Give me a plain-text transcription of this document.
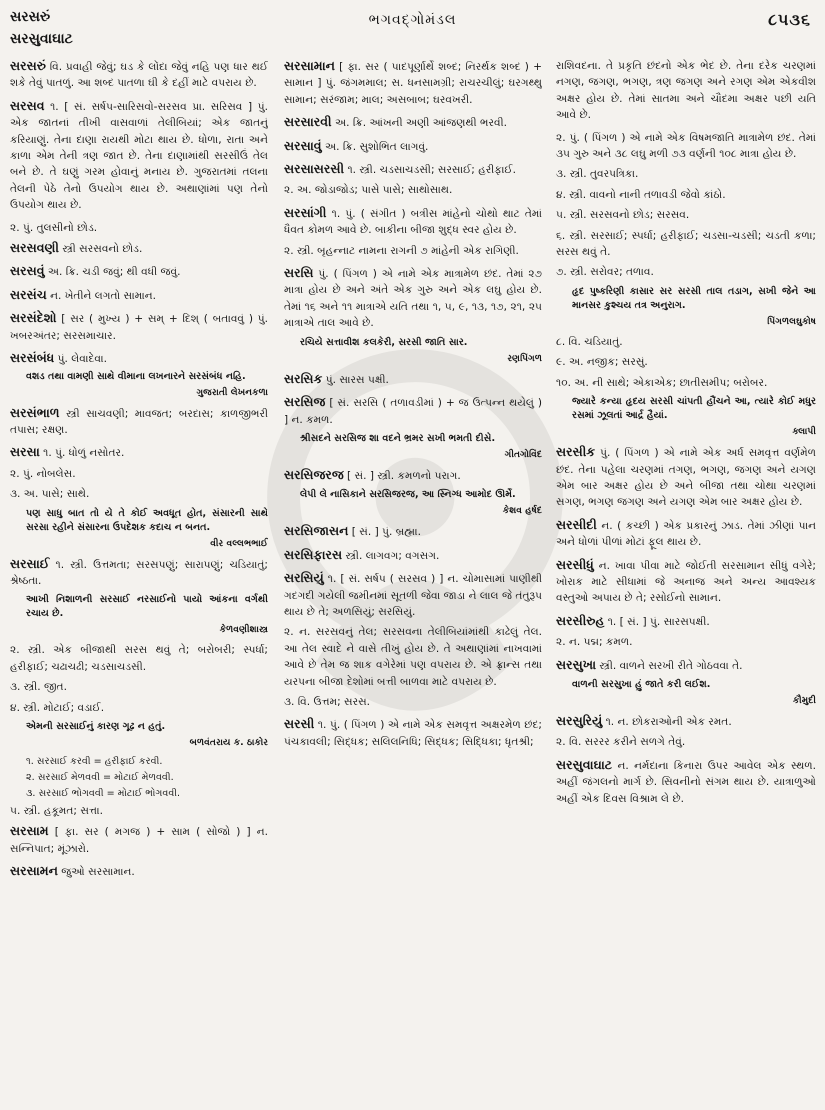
સરસરું
સરસુવાઘાટ
ભગવદ્ગોમંડલ	૮૫૩૬

સરસરું વિ. પ્રવાહી જેવું; ઘડ કે લોંદા જેવું નહિ પણ ધાર થઈ શકે તેવું પાતળું. આ શબ્દ પાતળા ઘી કે દહીં માટે વપરાય છે.

સરસવ ૧. [ સં. સર્ષપ-સારિસવો-સરસવ પ્રા. સરિસવ ] પું. એક જાતનાં તીખી વાસવાળાં તેલીબિયાં; એક જાતનું કરિયાણું. તેના દાણા રાયથી મોટા થાય છે. ધોળા, રાતા અને કાળા એમ તેની ત્રણ જાત છે. તેના દાણામાંથી સરસીઉં તેલ બને છે. તે ઘણું ગરમ હોવાનું મનાય છે. ગુજરાતમાં તલના તેલની પેઠે તેનો ઉપયોગ થાય છે. અથાણાંમાં પણ તેનો ઉપયોગ થાય છે.

૨. પું. તુલસીનો છોડ.

સરસવણી સ્ત્રી સરસવનો છોડ.

સરસવું અ. ક્રિ. ચડી જવું; થી વધી જવું.

સરસંચ ન. ખેતીને લગતો સામાન.

સરસંદેશો [ સર ( મુખ્ય ) + સમ્ + દિશ્ ( બતાવવું ) પું. ખબરઅંતર; સરસમાચાર.

સરસંબંધ પું. લેવાદેવા.

વશડ તથા વામણી સાથે વીમાના લખનારને સરસંબંધ નહિ.

ગુજરાતી લેખનકળા

સરસંભાળ સ્ત્રી સાચવણી; માવજત; બરદાસ; કાળજીભરી તપાસ; રક્ષણ.

સરસા ૧. પું. ધોળું નસોતર.

૨. પું. નોબલેસ.

૩. અ. પાસે; સાથે.

પણ સાધુ બાત તો યે તે કોઈ અવધૂત હોત, સંસારની સાથે સરસા રહીને સંસારના ઉપદેશક કદાચ ન બનત.

વીર વલ્લભભાઈ

સરસાઈ ૧. સ્ત્રી. ઉત્તમતા; સરસપણું; સારાપણું; ચડિયાતું; શ્રેષ્ઠતા.

આખી નિશાળની સરસાઈ નરસાઈનો પાયો આંકના વર્ગથી રચાય છે.

કેળવણીશાસ્ત્ર

૨. સ્ત્રી. એક બીજાથી સરસ થવું તે; બરોબરી; સ્પર્ધા; હરીફાઈ; ચઢાચઢી; ચડસાચડસી.

૩. સ્ત્રી. જીત.

૪. સ્ત્રી. મોટાઈ; વડાઈ.

એમની સરસાઈનું કારણ ગૂઢ ન હતું.

બળવંતરાય ક. ઠાકોર

૧. સરસાઈ કરવી = હરીફાઈ કરવી.

૨. સરસાઈ મેળવવી = મોટાઈ મેળવવી.

૩. સરસાઈ ભોગવવી = મોટાઈ ભોગવવી.

૫. સ્ત્રી. હકૂમત; સત્તા.

સરસામ [ ફા. સર ( મગજ ) + સામ ( સોજો ) ] ન. સન્નિપાત; મૂંઝારો.

સરસામન જુઓ સરસામાન.

સરસામાન [ ફા. સર ( પાદપૂર્ણાર્થે શબ્દ; નિરર્થક શબ્દ ) + સામાન ] પું. જંગમમાલ; સ. ધનસામગ્રી; રાચરચીલું; ઘરગથ્થુ સામાન; સરંજામ; માલ; અસબાબ; ઘરવખરી.

સરસારવી અ. ક્રિ. આંખની અણી આંજણથી ભરવી.

સરસાવું અ. ક્રિ. સુશોભિત લાગવું.

સરસાસરસી ૧. સ્ત્રી. ચડસાચડસી; સરસાઈ; હરીફાઈ.

૨. અ. જોડાજોડ; પાસે પાસે; સાથોસાથ.

સરસાંગી ૧. પું. ( સંગીત ) બત્રીસ માંહેનો ચોથો થાટ તેમાં ધૈવત કોમળ આવે છે. બાકીના બીજા શુદ્ધ સ્વર હોય છે.

૨. સ્ત્રી. બૃહન્નાટ નામના રાગની ૭ માંહેની એક રાગિણી.

સરસિ પું. ( પિંગળ ) એ નામે એક માત્રામેળ છંદ. તેમાં ૨૭ માત્રા હોય છે અને અંતે એક ગુરુ અને એક લઘુ હોય છે. તેમાં ૧૬ અને ૧૧ માત્રાએ યતિ તથા ૧, ૫, ૯, ૧૩, ૧૭, ૨૧, ૨૫ માત્રાએ તાલ આવે છે.

રચિયે સત્તાવીશ કલકેરી, સરસી જાતિ સાર.

રણપિંગળ

સરસિક પું. સારસ પક્ષી.

સરસિજ [ સં. સરસિ ( તળાવડીમાં ) + જ ઉત્પન્ન થયેલું ) ] ન. કમળ.

શ્રીસદને સરસિજ શા વદને ભ્રમર સખી ભમતી દીસે.

ગીતગોવિંદ

સરસિજરજ [ સં. ] સ્ત્રી. કમળનો પરાગ.

લેપી લે નાસિકાને સરસિજરજ, આ સ્નિગ્ધ આમોદ ઊર્મે.

કેશવ હર્ષદ

સરસિજાસન [ સં. ] પું. બ્રહ્મા.

સરસિફારસ સ્ત્રી. લાગવગ; વગસગ.

સરસિયું ૧. [ સં. સર્ષપ ( સરસવ ) ] ન. ચોમાસામાં પાણીથી ગદગદી ગયેલી જમીનમાં સૂતળી જેવા જાડા ને લાલ જે તંતુરૂપ થાય છે તે; અળસિયું; સરસિયું.

૨. ન. સરસવનું તેલ; સરસવના તેલીબિયાંમાંથી કાઢેલું તેલ. આ તેલ સ્વાદે ને વાસે તીખું હોય છે. તે અથાણાંમાં નાખવામાં આવે છે તેમ જ શાક વગેરેમાં પણ વપરાય છે. એ ફ્રાન્સ તથા યરપના બીજા દેશોમાં બત્તી બાળવા માટે વપરાય છે.

૩. વિ. ઉત્તમ; સરસ.

સરસી ૧. પું. ( પિંગળ ) એ નામે એક સમવૃત્ત અક્ષરમેળ છંદ; પંચકાવલી; સિદ્ધક; સલિલનિધિ; સિદ્ધક; સિદ્ધિકા; ધૃતશ્રી;

રાશિવદના. તે પ્રકૃતિ છંદનો એક ભેદ છે. તેના દરેક ચરણમાં નગણ, જગણ, ભગણ, ત્રણ જગણ અને રગણ એમ એકવીશ અક્ષર હોય છે. તેમાં સાતમા અને ચૌદમા અક્ષર પછી યતિ આવે છે.

૨. પું. ( પિંગળ ) એ નામે એક વિષમજાતિ માત્રામેળ છંદ. તેમાં ૩૫ ગુરુ અને ૩૮ લઘુ મળી ૭૩ વર્ણની ૧૦૮ માત્રા હોય છે.

૩. સ્ત્રી. તુવરપત્રિકા.

૪. સ્ત્રી. વાવનો નાની તળાવડી જેવો કાંઠો.

૫. સ્ત્રી. સરસવનો છોડ; સરસવ.

૬. સ્ત્રી. સરસાઈ; સ્પર્ધા; હરીફાઈ; ચડસા-ચડસી; ચડતી કળા; સરસ થવું તે.

૭. સ્ત્રી. સરોવર; તળાવ.

હૃદ પુષ્કરિણી કાસાર સર સરસી તાલ તડાગ, સખી જેને આ માનસર કુશ્ચય તત્ર અનુરાગ.

પિંગળલઘુકોષ

૮. વિ. ચડિયાતું.

૯. અ. નજીક; સરસું.

૧૦. અ. ની સાથે; એકાએક; છાતીસમીપ; બરોબર.

જ્યારે કન્યા હૃદય સરસી ચાંપતી હૌંચને આ, ત્યારે કોઈ મધુર રસમાં ઝૂલતાં આર્દ્ર હૈયાં.

ક્લાપી

સરસીક પું. ( પિંગળ ) એ નામે એક અર્ધ સમવૃત્ત વર્ણમેળ છંદ. તેના પહેલા ચરણમાં તગણ, ભગણ, જગણ અને યગણ એમ બાર અક્ષર હોય છે અને બીજા તથા ચોથા ચરણમાં સગણ, ભગણ જગણ અને યગણ એમ બાર અક્ષર હોય છે.

સરસીદી ન. ( કચ્છી ) એક પ્રકારનું ઝાડ. તેમાં ઝીણાં પાન અને ધોળાં પીળાં મોટાં ફૂલ થાય છે.

સરસીધું ન. ખાવા પીવા માટે જોઈતી સરસામાન સીધું વગેરે; ખોરાક માટે સીધામાં જે અનાજ અને અન્ય આવશ્યક વસ્તુઓ અપાય છે તે; રસોઈનો સામાન.

સરસીરુહ ૧. [ સં. ] પું. સારસપક્ષી.

૨. ન. પદ્મ; કમળ.

સરસુખા સ્ત્રી. વાળને સરખી રીતે ગોઠવવા તે.

વાળની સરસુખા હું જાતે કરી લઈશ.

કૌમુદી

સરસુરિયું ૧. ન. છોકરાઓની એક રમત.

૨. વિ. સરરર કરીને સળગે તેવું.

સરસુવાઘાટ ન. નર્મદાના કિનારા ઉપર આવેલ એક સ્થળ. અહીં જંગલનો માર્ગ છે. સિવનીનો સંગમ થાય છે. યાત્રાળુઓ અહીં એક દિવસ વિશ્રામ લે છે.
